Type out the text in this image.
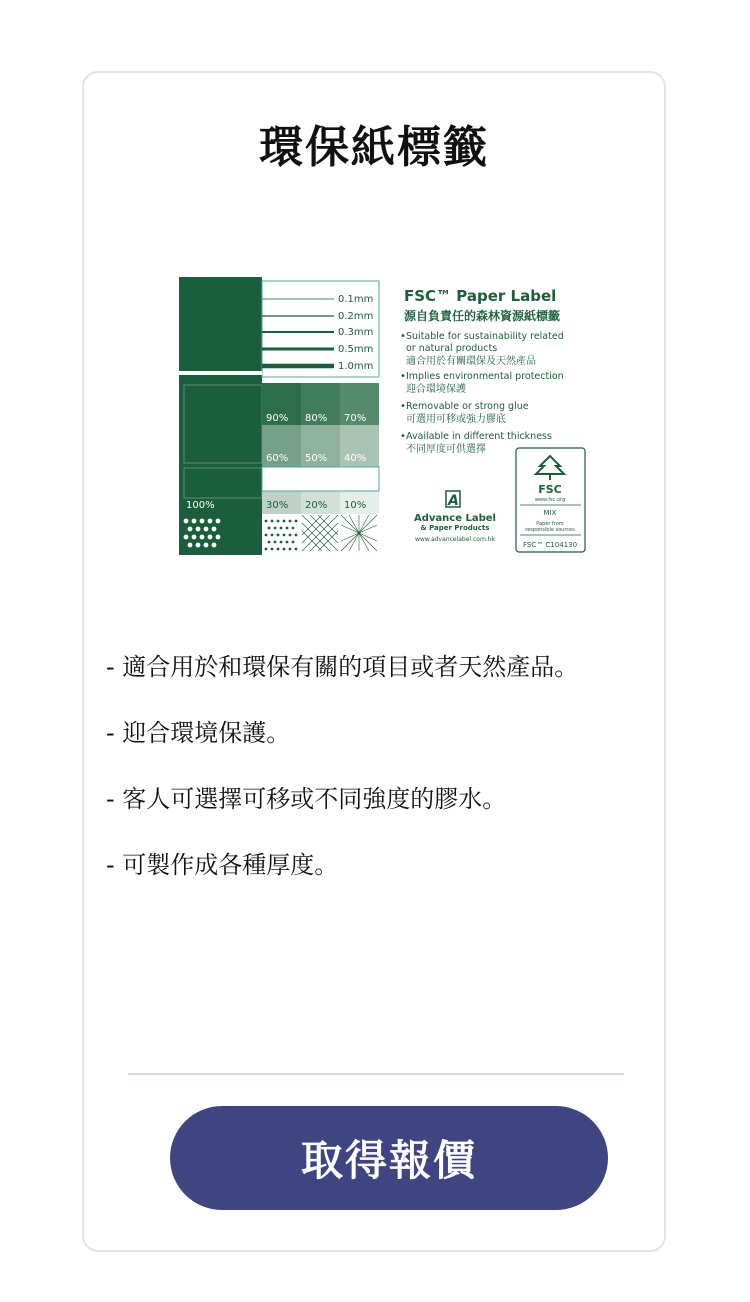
環保紙標籤
0.1mm
0.2mm
0.3mm
0.5mm
1.0mm
90% 80% 70%
60% 50% 40%
100%	30% 20% 10%
FSC™ Paper Label
源自負責任的森林資源紙標籤
• Suitable for sustainability related
or natural products
適合用於有關環保及天然產品
• Implies environmental protection
迎合環境保護
• Removable or strong glue
可選用可移或強力膠底
• Available in different thickness
不同厚度可供選擇
A
Advance Label
& Paper Products
www.advancelabel.com.hk
FSC
www.fsc.org
MIX
Paper from
responsible sources
FSC™ C104130
- 適合用於和環保有關的項目或者天然產品。
- 迎合環境保護。
- 客人可選擇可移或不同強度的膠水。
- 可製作成各種厚度。
取得報價
